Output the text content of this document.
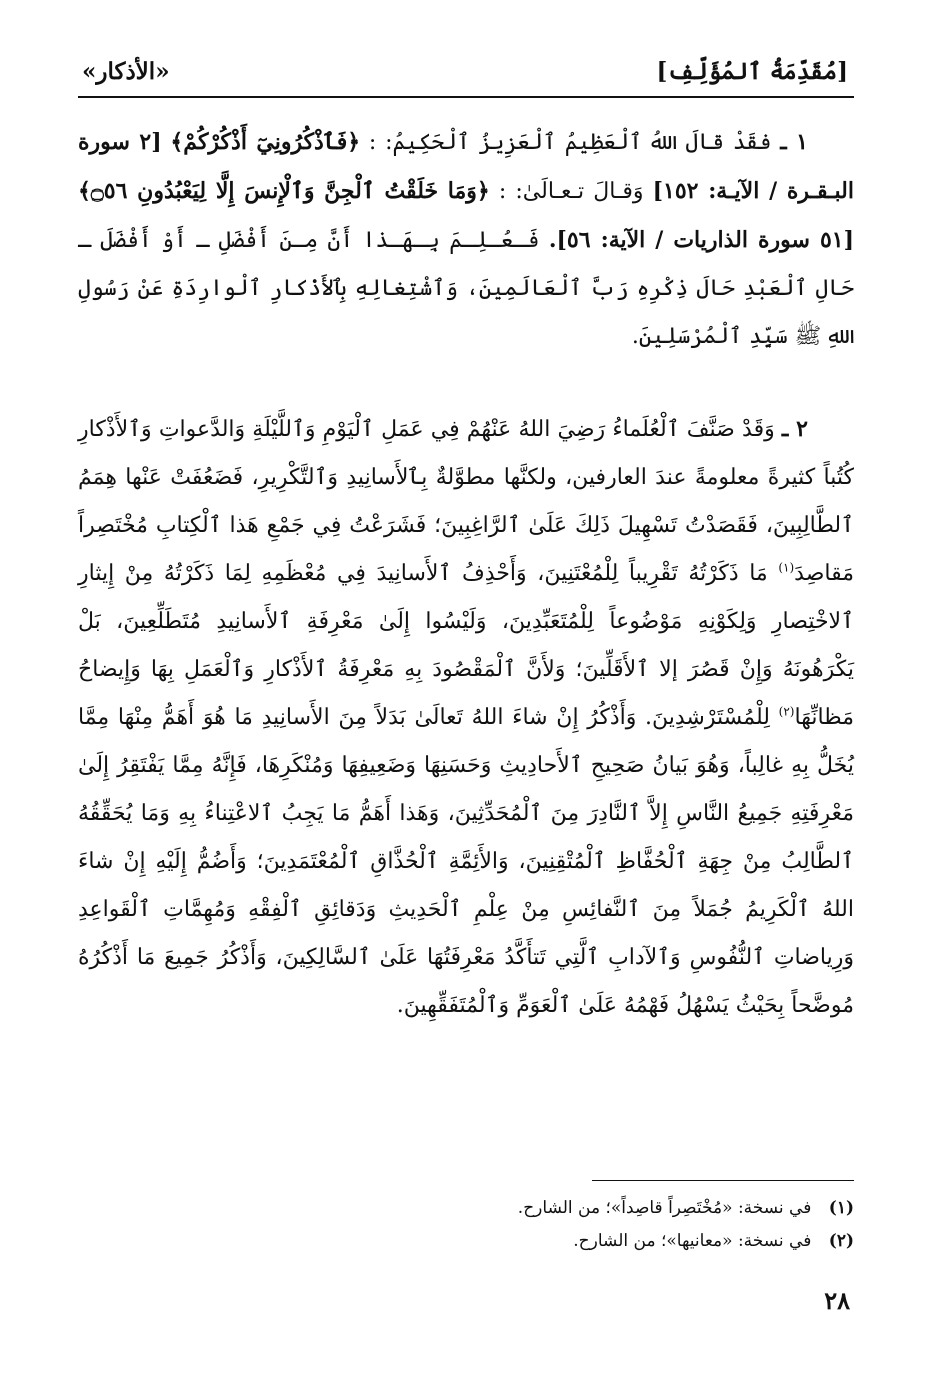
[مُقَدِّمَةُ ٱلمُؤَلِّفِ]
«الأذكار»

١ ـ فقَدْ قالَ اللهُ ٱلْعَظِيمُ ٱلْعَزِيزُ ٱلْحَكِيمُ: : ﴿فَٱذْكُرُونِيٓ أَذْكُرْكُمْ﴾ [٢ سورة البـقـرة / الآيـة: ١٥٢] وَقـالَ تـعـالَىٰ: : ﴿وَمَا خَلَقْتُ ٱلْجِنَّ وَٱلْإِنسَ إِلَّا لِيَعْبُدُونِ ۝٥٦﴾ [٥١ سورة الذاريات / الآية: ٥٦]. فَـعُـلِـمَ بِـهَـذا أَنَّ مِـنَ أَفْضَلِ ـ أَوْ أَفْضَلَ ـ حَالِ ٱلْعَبْدِ حَالَ ذِكْرِهِ رَبَّ ٱلْعَالَمِينَ، وَٱشْتِغالِهِ بِٱلأَذْكارِ ٱلْوارِدَةِ عَنْ رَسُولِ اللهِ ﷺ سَيِّدِ ٱلْمُرْسَلِينَ.

٢ ـ وَقَدْ صَنَّفَ ٱلْعُلَماءُ رَضِيَ اللهُ عَنْهُمْ فِي عَمَلِ ٱلْيَوْمِ وَٱللَّيْلَةِ وَالدَّعواتِ وَٱلأَذْكارِ كُتُباً كثيرةً معلومةً عندَ العارفين، ولكنَّها مطوَّلةٌ بِٱلأَسانِيدِ وَٱلتَّكْرِيرِ، فَضَعُفَتْ عَنْها هِمَمُ ٱلطَّالِبِينَ، فَقَصَدْتُ تَسْهِيلَ ذَلِكَ عَلَىٰ ٱلرَّاغِبِينَ؛ فَشَرَعْتُ فِي جَمْعِ هَذا ٱلْكِتابِ مُخْتَصِراً مَقاصِدَ$^{(١)}$ مَا ذَكَرْتُهُ تَقْرِيباً لِلْمُعْتَنِينَ، وَأَحْذِفُ ٱلأَسانِيدَ فِي مُعْظَمِهِ لِمَا ذَكَرْتُهُ مِنْ إِيثارِ ٱلاخْتِصارِ وَلِكَوْنِهِ مَوْضُوعاً لِلْمُتَعَبِّدِينَ، وَلَيْسُوا إِلَىٰ مَعْرِفَةِ ٱلأَسانِيدِ مُتَطَلِّعِينَ، بَلْ يَكْرَهُونَهُ وَإِنْ قَصُرَ إلا ٱلأَقَلِّينَ؛ وَلأَنَّ ٱلْمَقْصُودَ بِهِ مَعْرِفَةُ ٱلأَذْكارِ وَٱلْعَمَلِ بِهَا وَإِيضاحُ مَظانِّهَا$^{(٢)}$ لِلْمُسْتَرْشِدِينَ. وَأَذْكُرُ إِنْ شاءَ اللهُ تَعالَىٰ بَدَلاً مِنَ الأَسانِيدِ مَا هُوَ أَهَمُّ مِنْهَا مِمَّا يُخَلُّ بِهِ غالِباً، وَهُوَ بَيانُ صَحِيحِ ٱلأَحادِيثِ وَحَسَنِهَا وَضَعِيفِهَا وَمُنْكَرِهَا، فَإِنَّهُ مِمَّا يَفْتَقِرُ إِلَىٰ مَعْرِفَتِهِ جَمِيعُ النَّاسِ إِلاَّ ٱلنَّادِرَ مِنَ ٱلْمُحَدِّثِينَ، وَهَذا أَهَمُّ مَا يَجِبُ ٱلاعْتِناءُ بِهِ وَمَا يُحَقِّقُهُ ٱلطَّالِبُ مِنْ جِهَةِ ٱلْحُفَّاظِ ٱلْمُتْقِنِينَ، وَالأَئِمَّةِ ٱلْحُذَّاقِ ٱلْمُعْتَمَدِينَ؛ وَأَضُمُّ إِلَيْهِ إِنْ شاءَ اللهُ ٱلْكَرِيمُ جُمَلاً مِنَ ٱلنَّفائِسِ مِنْ عِلْمِ ٱلْحَدِيثِ وَدَقائِقِ ٱلْفِقْهِ وَمُهِمَّاتِ ٱلْقَواعِدِ وَرِياضاتِ ٱلنُّفُوسِ وَٱلآدابِ ٱلَّتِي تَتأَكَّدُ مَعْرِفَتُهَا عَلَىٰ ٱلسَّالِكِينَ، وَأَذْكُرُ جَمِيعَ مَا أَذْكُرُهُ مُوضَّحاً بِحَيْثُ يَسْهُلُ فَهْمُهُ عَلَىٰ ٱلْعَوَمِّ وَٱلْمُتَفَقِّهِينَ.

(١) في نسخة: «مُخْتَصِراً قاصِداً»؛ من الشارح.

(٢) في نسخة: «معانيها»؛ من الشارح.

٢٨
